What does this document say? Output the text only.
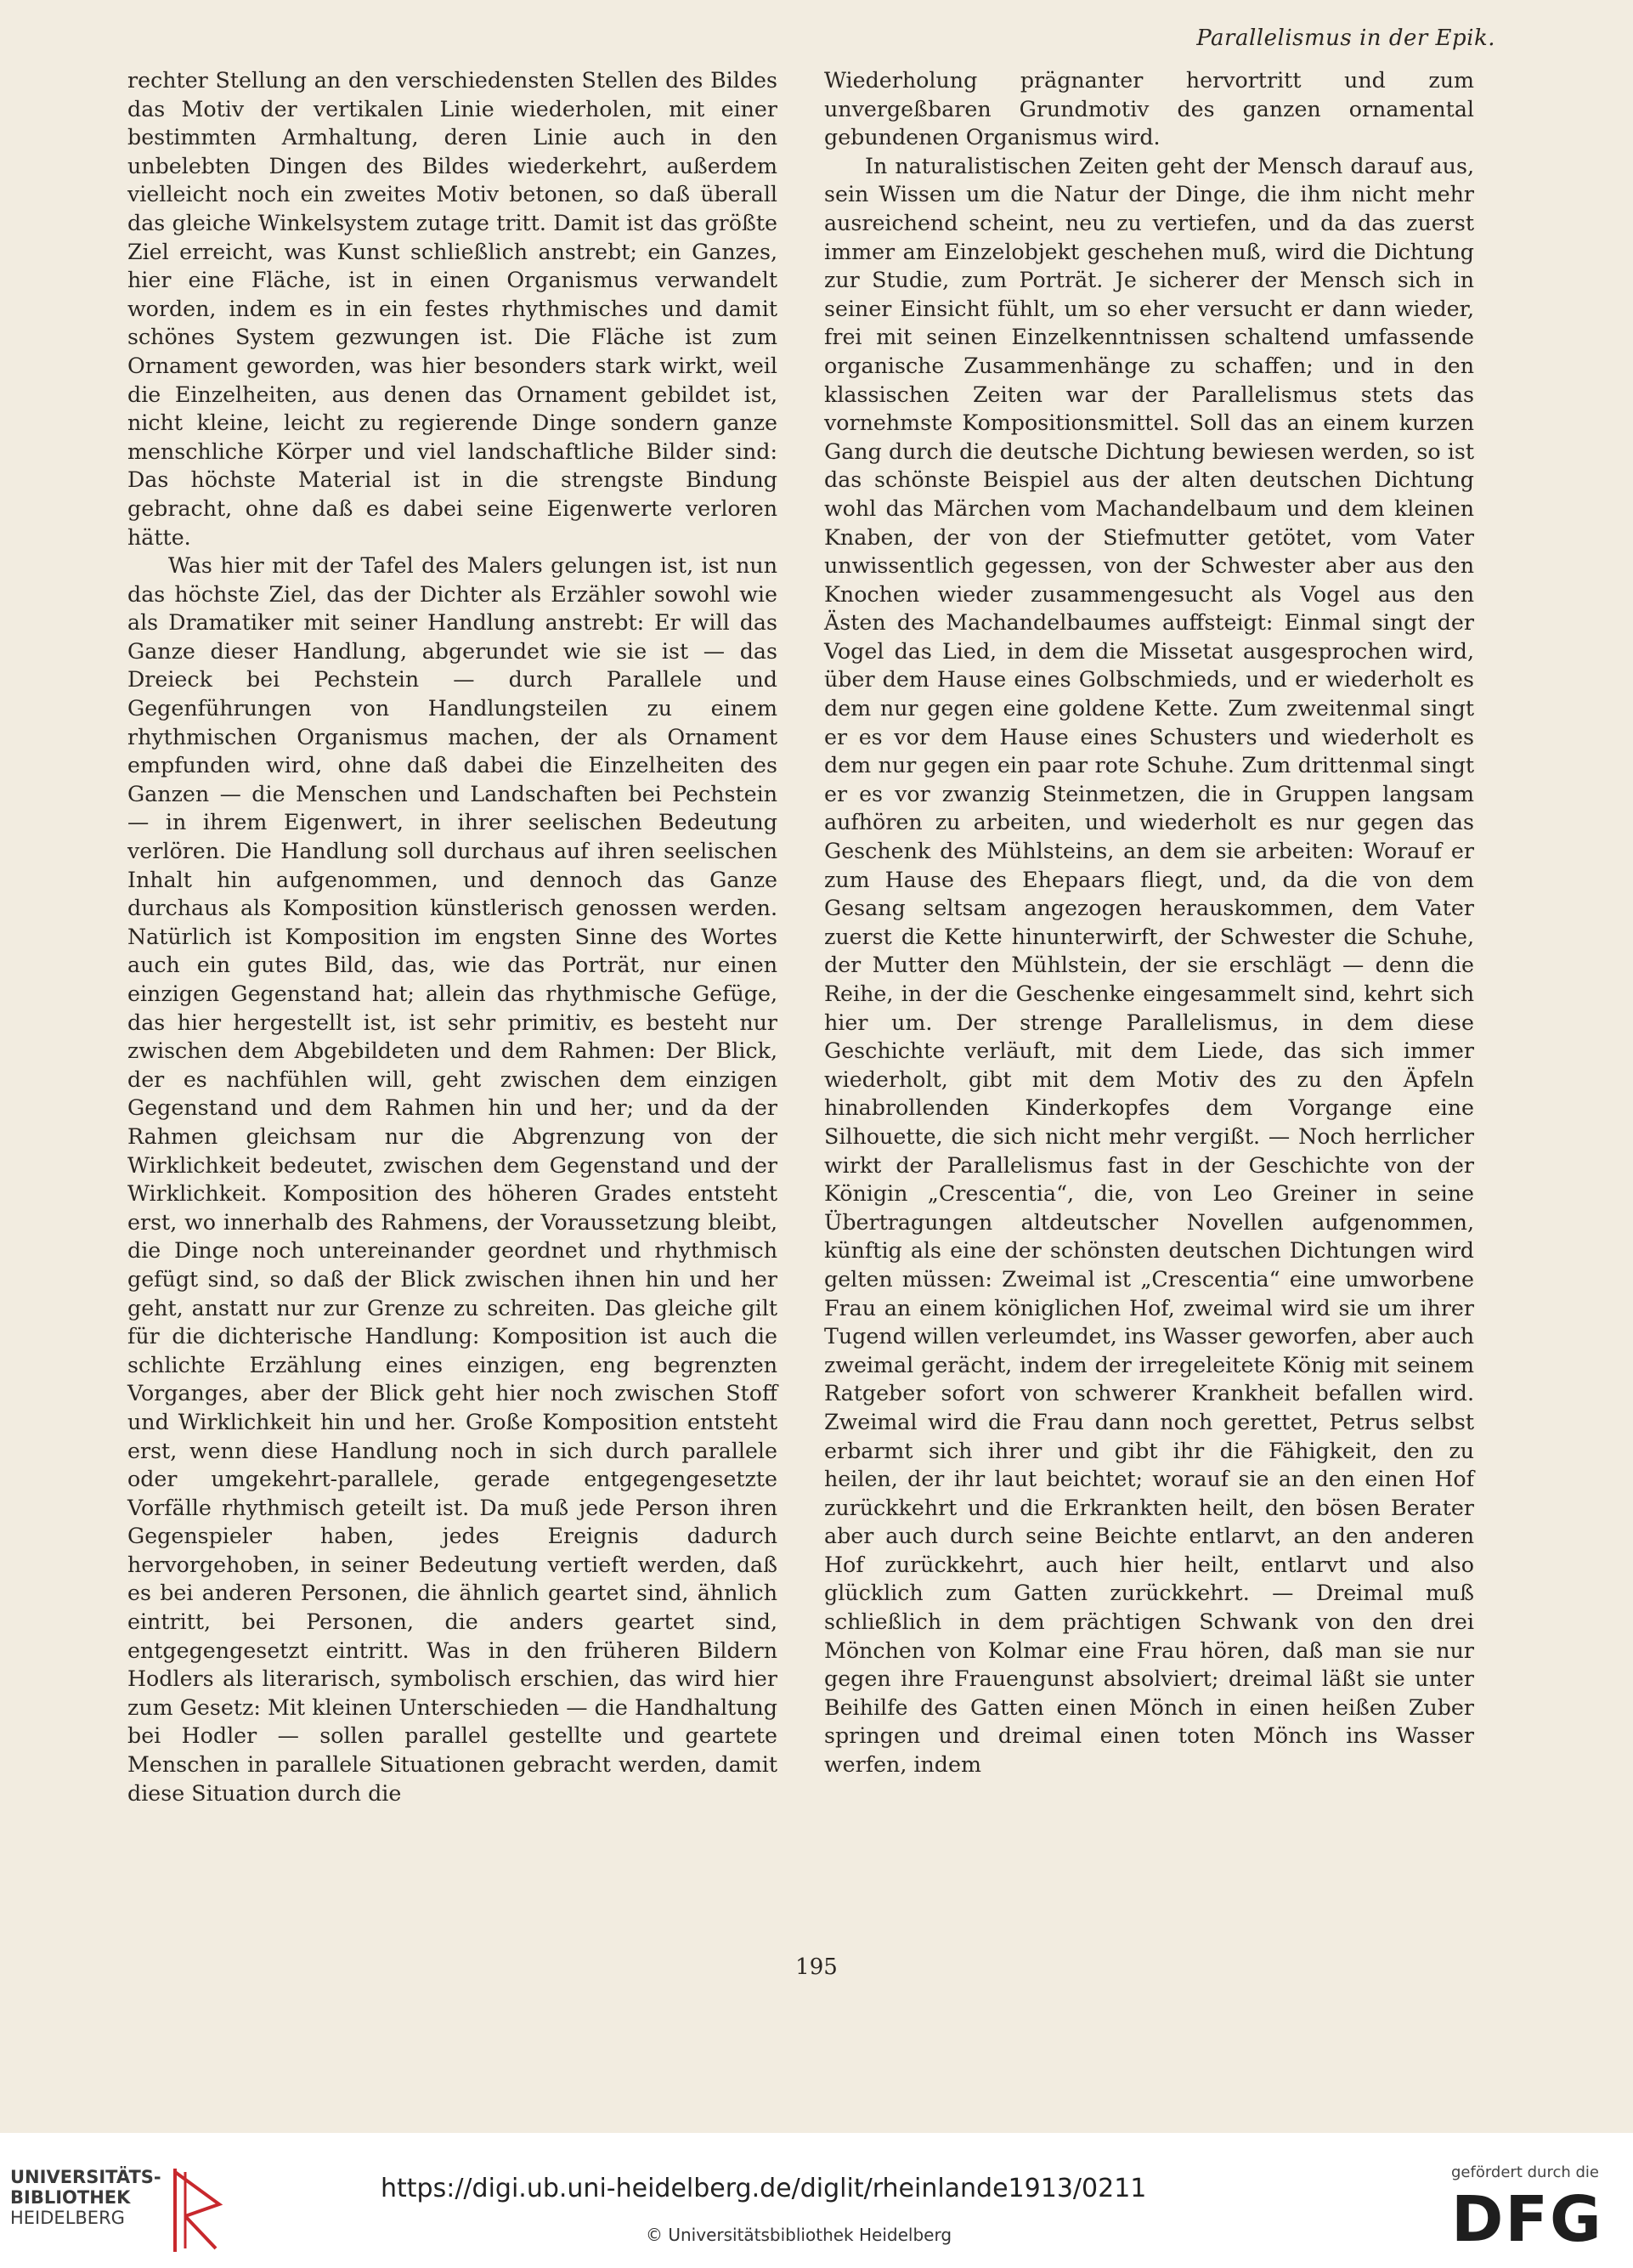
Parallelismus in der Epik.

rechter Stellung an den verschiedensten Stellen des Bildes das Motiv der vertikalen Linie wiederholen, mit einer bestimmten Armhaltung, deren Linie auch in den unbelebten Dingen des Bildes wiederkehrt, außerdem vielleicht noch ein zweites Motiv betonen, so daß überall das gleiche Winkelsystem zutage tritt. Damit ist das größte Ziel erreicht, was Kunst schließlich anstrebt; ein Ganzes, hier eine Fläche, ist in einen Organismus verwandelt worden, indem es in ein festes rhythmisches und damit schönes System gezwungen ist. Die Fläche ist zum Ornament geworden, was hier besonders stark wirkt, weil die Einzelheiten, aus denen das Ornament gebildet ist, nicht kleine, leicht zu regierende Dinge sondern ganze menschliche Körper und viel landschaftliche Bilder sind: Das höchste Material ist in die strengste Bindung gebracht, ohne daß es dabei seine Eigenwerte verloren hätte.

Was hier mit der Tafel des Malers gelungen ist, ist nun das höchste Ziel, das der Dichter als Erzähler sowohl wie als Dramatiker mit seiner Handlung anstrebt: Er will das Ganze dieser Handlung, abgerundet wie sie ist — das Dreieck bei Pechstein — durch Parallele und Gegenführungen von Handlungsteilen zu einem rhythmischen Organismus machen, der als Ornament empfunden wird, ohne daß dabei die Einzelheiten des Ganzen — die Menschen und Landschaften bei Pechstein — in ihrem Eigenwert, in ihrer seelischen Bedeutung verlören. Die Handlung soll durchaus auf ihren seelischen Inhalt hin aufgenommen, und dennoch das Ganze durchaus als Komposition künstlerisch genossen werden. Natürlich ist Komposition im engsten Sinne des Wortes auch ein gutes Bild, das, wie das Porträt, nur einen einzigen Gegenstand hat; allein das rhythmische Gefüge, das hier hergestellt ist, ist sehr primitiv, es besteht nur zwischen dem Abgebildeten und dem Rahmen: Der Blick, der es nachfühlen will, geht zwischen dem einzigen Gegenstand und dem Rahmen hin und her; und da der Rahmen gleichsam nur die Abgrenzung von der Wirklichkeit bedeutet, zwischen dem Gegenstand und der Wirklichkeit. Komposition des höheren Grades entsteht erst, wo innerhalb des Rahmens, der Voraussetzung bleibt, die Dinge noch untereinander geordnet und rhythmisch gefügt sind, so daß der Blick zwischen ihnen hin und her geht, anstatt nur zur Grenze zu schreiten. Das gleiche gilt für die dichterische Handlung: Komposition ist auch die schlichte Erzählung eines einzigen, eng begrenzten Vorganges, aber der Blick geht hier noch zwischen Stoff und Wirklichkeit hin und her. Große Komposition entsteht erst, wenn diese Handlung noch in sich durch parallele oder umgekehrt-parallele, gerade entgegengesetzte Vorfälle rhythmisch geteilt ist. Da muß jede Person ihren Gegenspieler haben, jedes Ereignis dadurch hervorgehoben, in seiner Bedeutung vertieft werden, daß es bei anderen Personen, die ähnlich geartet sind, ähnlich eintritt, bei Personen, die anders geartet sind, entgegengesetzt eintritt. Was in den früheren Bildern Hodlers als literarisch, symbolisch erschien, das wird hier zum Gesetz: Mit kleinen Unterschieden — die Handhaltung bei Hodler — sollen parallel gestellte und geartete Menschen in parallele Situationen gebracht werden, damit diese Situation durch die

Wiederholung prägnanter hervortritt und zum unvergeßbaren Grundmotiv des ganzen ornamental gebundenen Organismus wird.

In naturalistischen Zeiten geht der Mensch darauf aus, sein Wissen um die Natur der Dinge, die ihm nicht mehr ausreichend scheint, neu zu vertiefen, und da das zuerst immer am Einzelobjekt geschehen muß, wird die Dichtung zur Studie, zum Porträt. Je sicherer der Mensch sich in seiner Einsicht fühlt, um so eher versucht er dann wieder, frei mit seinen Einzelkenntnissen schaltend umfassende organische Zusammenhänge zu schaffen; und in den klassischen Zeiten war der Parallelismus stets das vornehmste Kompositionsmittel. Soll das an einem kurzen Gang durch die deutsche Dichtung bewiesen werden, so ist das schönste Beispiel aus der alten deutschen Dichtung wohl das Märchen vom Machandelbaum und dem kleinen Knaben, der von der Stiefmutter getötet, vom Vater unwissentlich gegessen, von der Schwester aber aus den Knochen wieder zusammengesucht als Vogel aus den Ästen des Machandelbaumes auffsteigt: Einmal singt der Vogel das Lied, in dem die Missetat ausgesprochen wird, über dem Hause eines Golbschmieds, und er wiederholt es dem nur gegen eine goldene Kette. Zum zweitenmal singt er es vor dem Hause eines Schusters und wiederholt es dem nur gegen ein paar rote Schuhe. Zum drittenmal singt er es vor zwanzig Steinmetzen, die in Gruppen langsam aufhören zu arbeiten, und wiederholt es nur gegen das Geschenk des Mühlsteins, an dem sie arbeiten: Worauf er zum Hause des Ehepaars fliegt, und, da die von dem Gesang seltsam angezogen herauskommen, dem Vater zuerst die Kette hinunterwirft, der Schwester die Schuhe, der Mutter den Mühlstein, der sie erschlägt — denn die Reihe, in der die Geschenke eingesammelt sind, kehrt sich hier um. Der strenge Parallelismus, in dem diese Geschichte verläuft, mit dem Liede, das sich immer wiederholt, gibt mit dem Motiv des zu den Äpfeln hinabrollenden Kinderkopfes dem Vorgange eine Silhouette, die sich nicht mehr vergißt. — Noch herrlicher wirkt der Parallelismus fast in der Geschichte von der Königin „Crescentia“, die, von Leo Greiner in seine Übertragungen altdeutscher Novellen aufgenommen, künftig als eine der schönsten deutschen Dichtungen wird gelten müssen: Zweimal ist „Crescentia“ eine umworbene Frau an einem königlichen Hof, zweimal wird sie um ihrer Tugend willen verleumdet, ins Wasser geworfen, aber auch zweimal gerächt, indem der irregeleitete König mit seinem Ratgeber sofort von schwerer Krankheit befallen wird. Zweimal wird die Frau dann noch gerettet, Petrus selbst erbarmt sich ihrer und gibt ihr die Fähigkeit, den zu heilen, der ihr laut beichtet; worauf sie an den einen Hof zurückkehrt und die Erkrankten heilt, den bösen Berater aber auch durch seine Beichte entlarvt, an den anderen Hof zurückkehrt, auch hier heilt, entlarvt und also glücklich zum Gatten zurückkehrt. — Dreimal muß schließlich in dem prächtigen Schwank von den drei Mönchen von Kolmar eine Frau hören, daß man sie nur gegen ihre Frauengunst absolviert; dreimal läßt sie unter Beihilfe des Gatten einen Mönch in einen heißen Zuber springen und dreimal einen toten Mönch ins Wasser werfen, indem

195
UNIVERSITÄTS-
BIBLIOTHEK
HEIDELBERG
https://digi.ub.uni-heidelberg.de/diglit/rheinlande1913/0211
© Universitätsbibliothek Heidelberg
gefördert durch die
DFG
